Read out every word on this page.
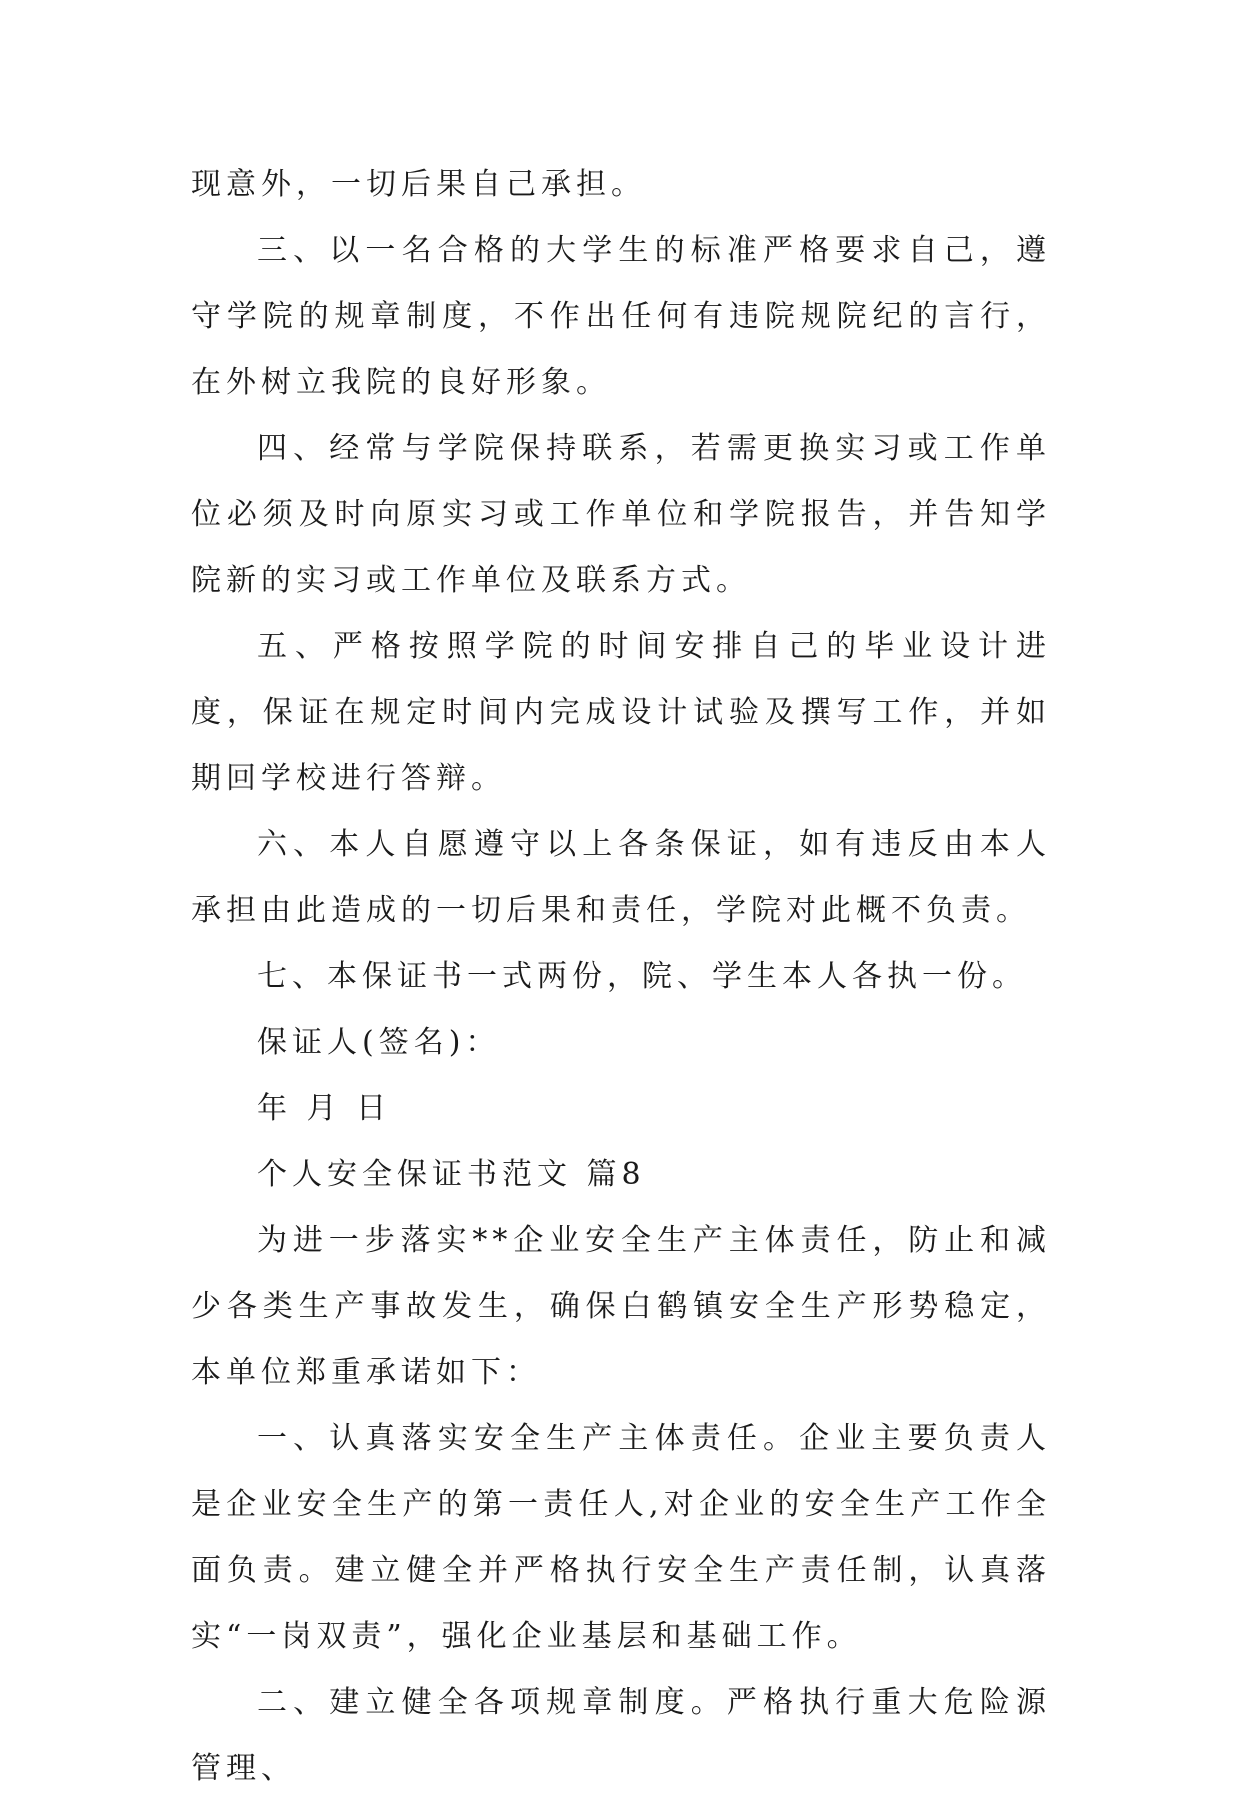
现意外，一切后果自己承担。

三、以一名合格的大学生的标准严格要求自己，遵守学院的规章制度，不作出任何有违院规院纪的言行，在外树立我院的良好形象。

四、经常与学院保持联系，若需更换实习或工作单位必须及时向原实习或工作单位和学院报告，并告知学院新的实习或工作单位及联系方式。

五、严格按照学院的时间安排自己的毕业设计进度，保证在规定时间内完成设计试验及撰写工作，并如期回学校进行答辩。

六、本人自愿遵守以上各条保证，如有违反由本人承担由此造成的一切后果和责任，学院对此概不负责。

七、本保证书一式两份，院、学生本人各执一份。

保证人(签名)：

年 月 日

个人安全保证书范文 篇8

为进一步落实**企业安全生产主体责任，防止和减少各类生产事故发生，确保白鹤镇安全生产形势稳定，本单位郑重承诺如下：

一、认真落实安全生产主体责任。企业主要负责人是企业安全生产的第一责任人,对企业的安全生产工作全面负责。建立健全并严格执行安全生产责任制，认真落实“一岗双责”，强化企业基层和基础工作。

二、建立健全各项规章制度。严格执行重大危险源管理、
